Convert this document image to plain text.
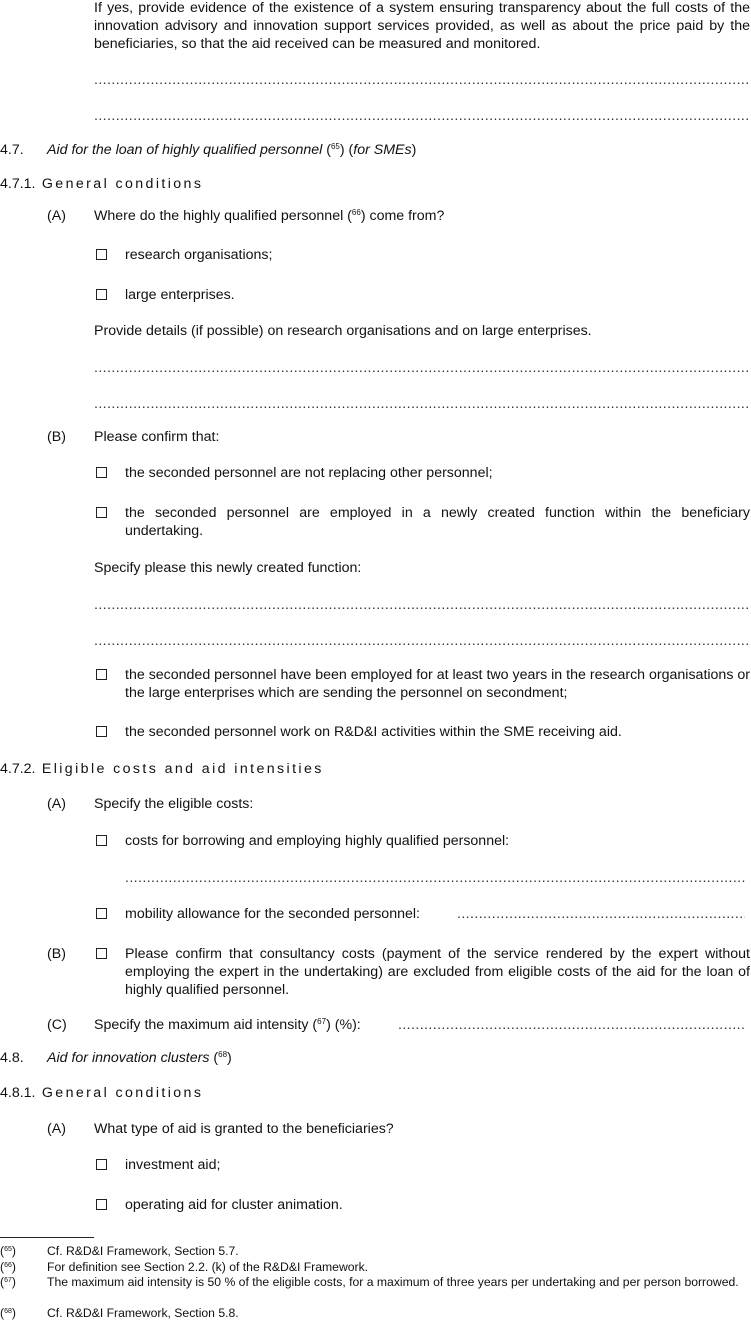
If yes, provide evidence of the existence of a system ensuring transparency about the full costs of the innovation advisory and innovation support services provided, as well as about the price paid by the beneficiaries, so that the aid received can be measured and monitored.

.....
.....
4.7. Aid for the loan of highly qualified personnel ($^{65}$) (for SMEs)
4.7.1. General conditions
(A) Where do the highly qualified personnel ($^{66}$) come from?
research organisations;
large enterprises.
Provide details (if possible) on research organisations and on large enterprises.
.....
.....
(B) Please confirm that:
the seconded personnel are not replacing other personnel;

the seconded personnel are employed in a newly created function within the beneficiary undertaking.

Specify please this newly created function:
.....
.....

the seconded personnel have been employed for at least two years in the research organisations or the large enterprises which are sending the personnel on secondment;

the seconded personnel work on R&D&I activities within the SME receiving aid.
4.7.2. Eligible costs and aid intensities
(A) Specify the eligible costs:
costs for borrowing and employing highly qualified personnel:
.....
mobility allowance for the seconded personnel:
.....
(B)	Please confirm that consultancy costs (payment of the service rendered by the expert without employing the expert in the undertaking) are excluded from eligible costs of the aid for the loan of highly qualified personnel.

(C) Specify the maximum aid intensity ($^{67}$) (%):
.....
4.8. Aid for innovation clusters ($^{68}$)
4.8.1. General conditions
(A) What type of aid is granted to the beneficiaries?
investment aid;
operating aid for cluster animation.
($^{65}$)	Cf. R&D&I Framework, Section 5.7.
($^{66}$)	For definition see Section 2.2. (k) of the R&D&I Framework.
($^{67}$)	The maximum aid intensity is 50 % of the eligible costs, for a maximum of three years per undertaking and per person borrowed.
($^{68}$)	Cf. R&D&I Framework, Section 5.8.
